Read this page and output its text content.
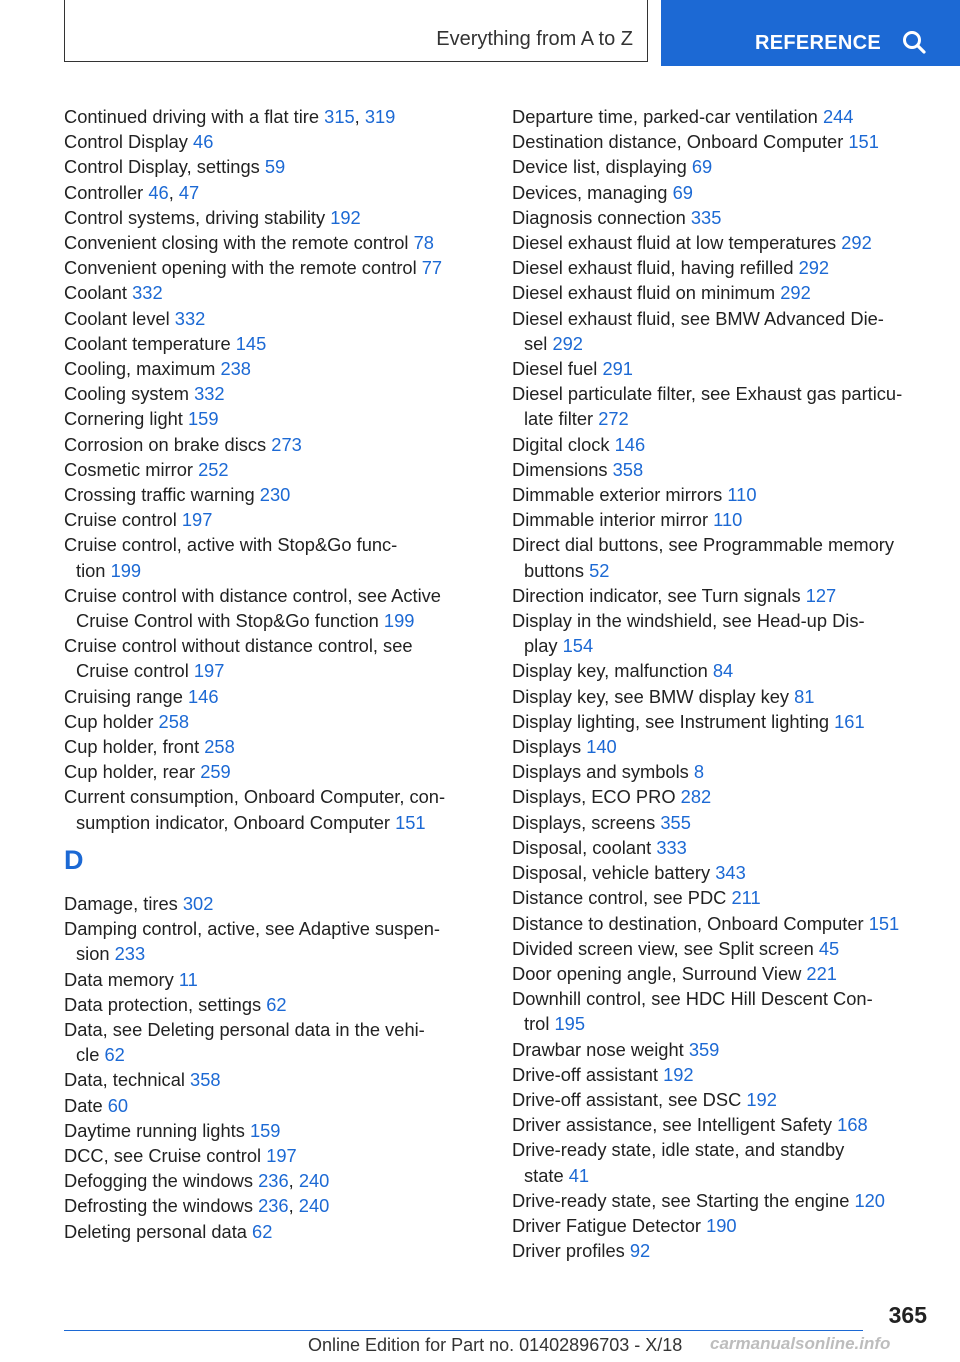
Everything from A to Z	REFERENCE
Continued driving with a flat tire 315, 319
Control Display 46
Control Display, settings 59
Controller 46, 47
Control systems, driving stability 192
Convenient closing with the remote control 78
Convenient opening with the remote control 77
Coolant 332
Coolant level 332
Coolant temperature 145
Cooling, maximum 238
Cooling system 332
Cornering light 159
Corrosion on brake discs 273
Cosmetic mirror 252
Crossing traffic warning 230
Cruise control 197
Cruise control, active with Stop&Go func-
tion 199
Cruise control with distance control, see Active
Cruise Control with Stop&Go function 199
Cruise control without distance control, see
Cruise control 197
Cruising range 146
Cup holder 258
Cup holder, front 258
Cup holder, rear 259
Current consumption, Onboard Computer, con-
sumption indicator, Onboard Computer 151
D
Damage, tires 302
Damping control, active, see Adaptive suspen-
sion 233
Data memory 11
Data protection, settings 62
Data, see Deleting personal data in the vehi-
cle 62
Data, technical 358
Date 60
Daytime running lights 159
DCC, see Cruise control 197
Defogging the windows 236, 240
Defrosting the windows 236, 240
Deleting personal data 62
Departure time, parked-car ventilation 244
Destination distance, Onboard Computer 151
Device list, displaying 69
Devices, managing 69
Diagnosis connection 335
Diesel exhaust fluid at low temperatures 292
Diesel exhaust fluid, having refilled 292
Diesel exhaust fluid on minimum 292
Diesel exhaust fluid, see BMW Advanced Die-
sel 292
Diesel fuel 291
Diesel particulate filter, see Exhaust gas particu-
late filter 272
Digital clock 146
Dimensions 358
Dimmable exterior mirrors 110
Dimmable interior mirror 110
Direct dial buttons, see Programmable memory
buttons 52
Direction indicator, see Turn signals 127
Display in the windshield, see Head-up Dis-
play 154
Display key, malfunction 84
Display key, see BMW display key 81
Display lighting, see Instrument lighting 161
Displays 140
Displays and symbols 8
Displays, ECO PRO 282
Displays, screens 355
Disposal, coolant 333
Disposal, vehicle battery 343
Distance control, see PDC 211
Distance to destination, Onboard Computer 151
Divided screen view, see Split screen 45
Door opening angle, Surround View 221
Downhill control, see HDC Hill Descent Con-
trol 195
Drawbar nose weight 359
Drive-off assistant 192
Drive-off assistant, see DSC 192
Driver assistance, see Intelligent Safety 168
Drive-ready state, idle state, and standby
state 41
Drive-ready state, see Starting the engine 120
Driver Fatigue Detector 190
Driver profiles 92
365
Online Edition for Part no. 01402896703 - X/18 carmanualsonline.info
